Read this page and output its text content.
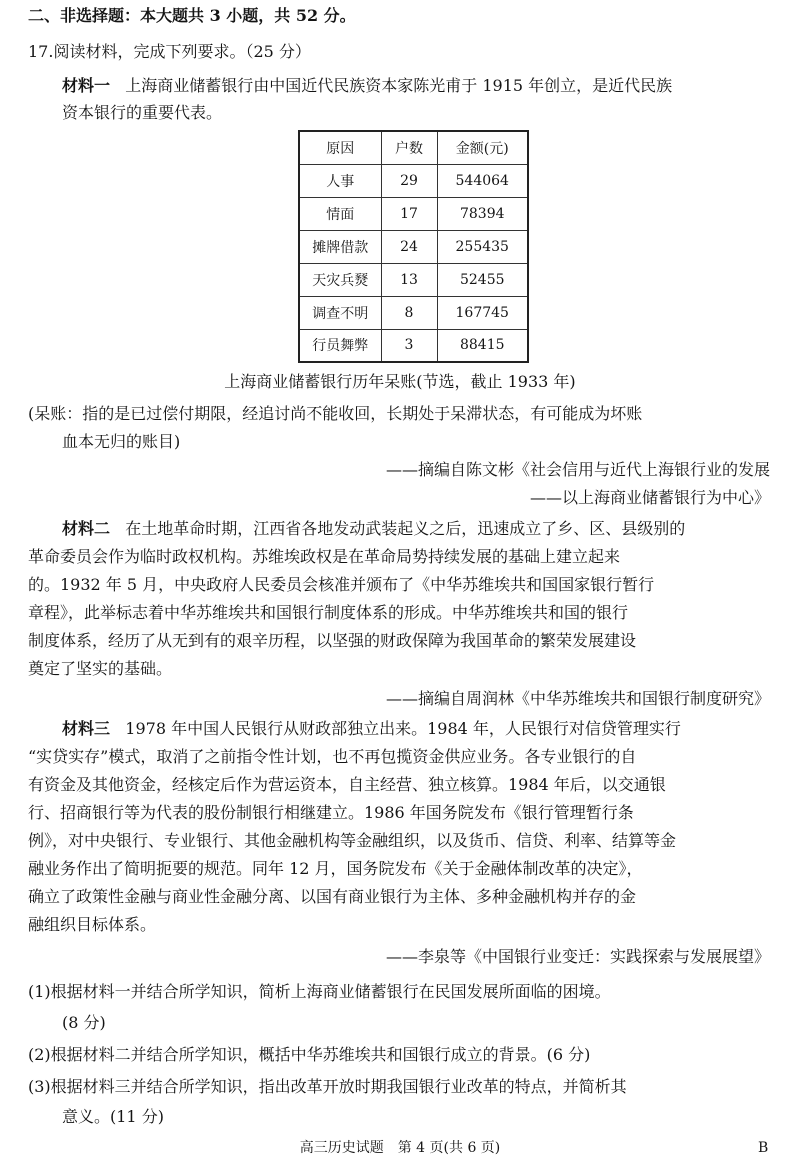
二、非选择题：本大题共 3 小题，共 52 分。
17.阅读材料，完成下列要求。（25 分）
材料一 上海商业储蓄银行由中国近代民族资本家陈光甫于 1915 年创立，是近代民族
资本银行的重要代表。
原因	户数	金额(元)
人事	29	544064
情面	17	78394
摊牌借款	24	255435
天灾兵燹	13	52455
调查不明	8	167745
行员舞弊	3	88415
上海商业储蓄银行历年呆账(节选，截止 1933 年)
(呆账：指的是已过偿付期限，经追讨尚不能收回，长期处于呆滞状态，有可能成为坏账
血本无归的账目)
——摘编自陈文彬《社会信用与近代上海银行业的发展
——以上海商业储蓄银行为中心》
材料二 在土地革命时期，江西省各地发动武装起义之后，迅速成立了乡、区、县级别的
革命委员会作为临时政权机构。苏维埃政权是在革命局势持续发展的基础上建立起来
的。1932 年 5 月，中央政府人民委员会核准并颁布了《中华苏维埃共和国国家银行暂行
章程》，此举标志着中华苏维埃共和国银行制度体系的形成。中华苏维埃共和国的银行
制度体系，经历了从无到有的艰辛历程，以坚强的财政保障为我国革命的繁荣发展建设
奠定了坚实的基础。
——摘编自周润林《中华苏维埃共和国银行制度研究》
材料三 1978 年中国人民银行从财政部独立出来。1984 年，人民银行对信贷管理实行
“实贷实存”模式，取消了之前指令性计划，也不再包揽资金供应业务。各专业银行的自
有资金及其他资金，经核定后作为营运资本，自主经营、独立核算。1984 年后，以交通银
行、招商银行等为代表的股份制银行相继建立。1986 年国务院发布《银行管理暂行条
例》，对中央银行、专业银行、其他金融机构等金融组织，以及货币、信贷、利率、结算等金
融业务作出了简明扼要的规范。同年 12 月，国务院发布《关于金融体制改革的决定》，
确立了政策性金融与商业性金融分离、以国有商业银行为主体、多种金融机构并存的金
融组织目标体系。
——李泉等《中国银行业变迁：实践探索与发展展望》
(1)根据材料一并结合所学知识，简析上海商业储蓄银行在民国发展所面临的困境。
(8 分)
(2)根据材料二并结合所学知识，概括中华苏维埃共和国银行成立的背景。(6 分)
(3)根据材料三并结合所学知识，指出改革开放时期我国银行业改革的特点，并简析其
意义。(11 分)
高三历史试题　第 4 页(共 6 页)	B
